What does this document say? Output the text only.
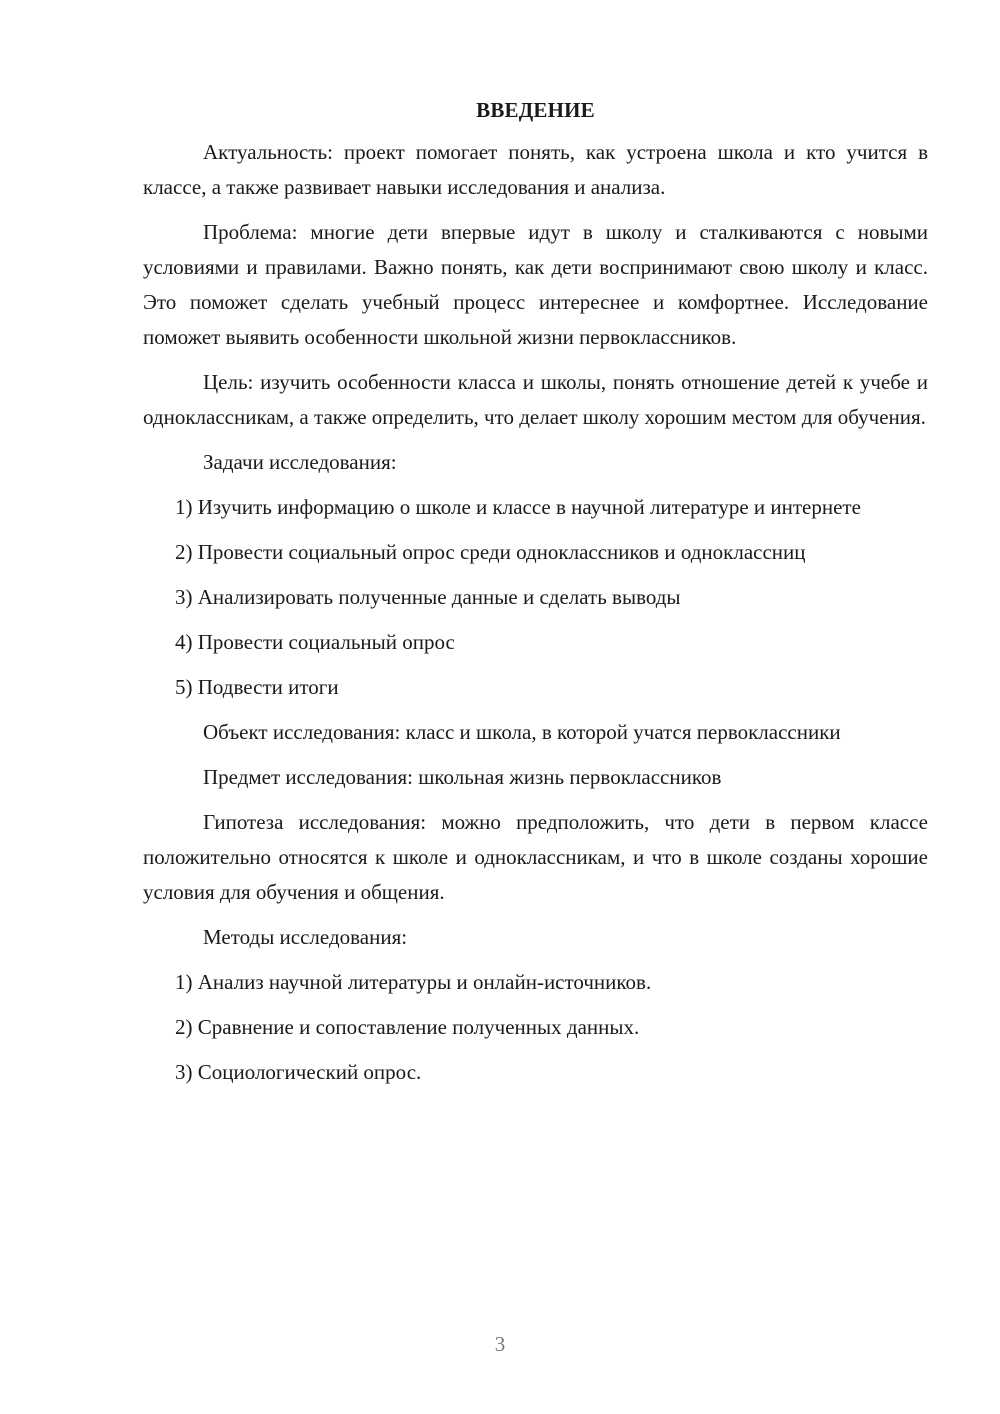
ВВЕДЕНИЕ

Актуальность: проект помогает понять, как устроена школа и кто учится в классе, а также развивает навыки исследования и анализа.

Проблема: многие дети впервые идут в школу и сталкиваются с новыми условиями и правилами. Важно понять, как дети воспринимают свою школу и класс. Это поможет сделать учебный процесс интереснее и комфортнее. Исследование поможет выявить особенности школьной жизни первоклассников.

Цель: изучить особенности класса и школы, понять отношение детей к учебе и одноклассникам, а также определить, что делает школу хорошим местом для обучения.

Задачи исследования:

1) Изучить информацию о школе и классе в научной литературе и интернете

2) Провести социальный опрос среди одноклассников и одноклассниц

3) Анализировать полученные данные и сделать выводы

4) Провести социальный опрос

5) Подвести итоги

Объект исследования: класс и школа, в которой учатся первоклассники

Предмет исследования: школьная жизнь первоклассников

Гипотеза исследования: можно предположить, что дети в первом классе положительно относятся к школе и одноклассникам, и что в школе созданы хорошие условия для обучения и общения.

Методы исследования:

1) Анализ научной литературы и онлайн-источников.

2) Сравнение и сопоставление полученных данных.

3) Социологический опрос.

3
